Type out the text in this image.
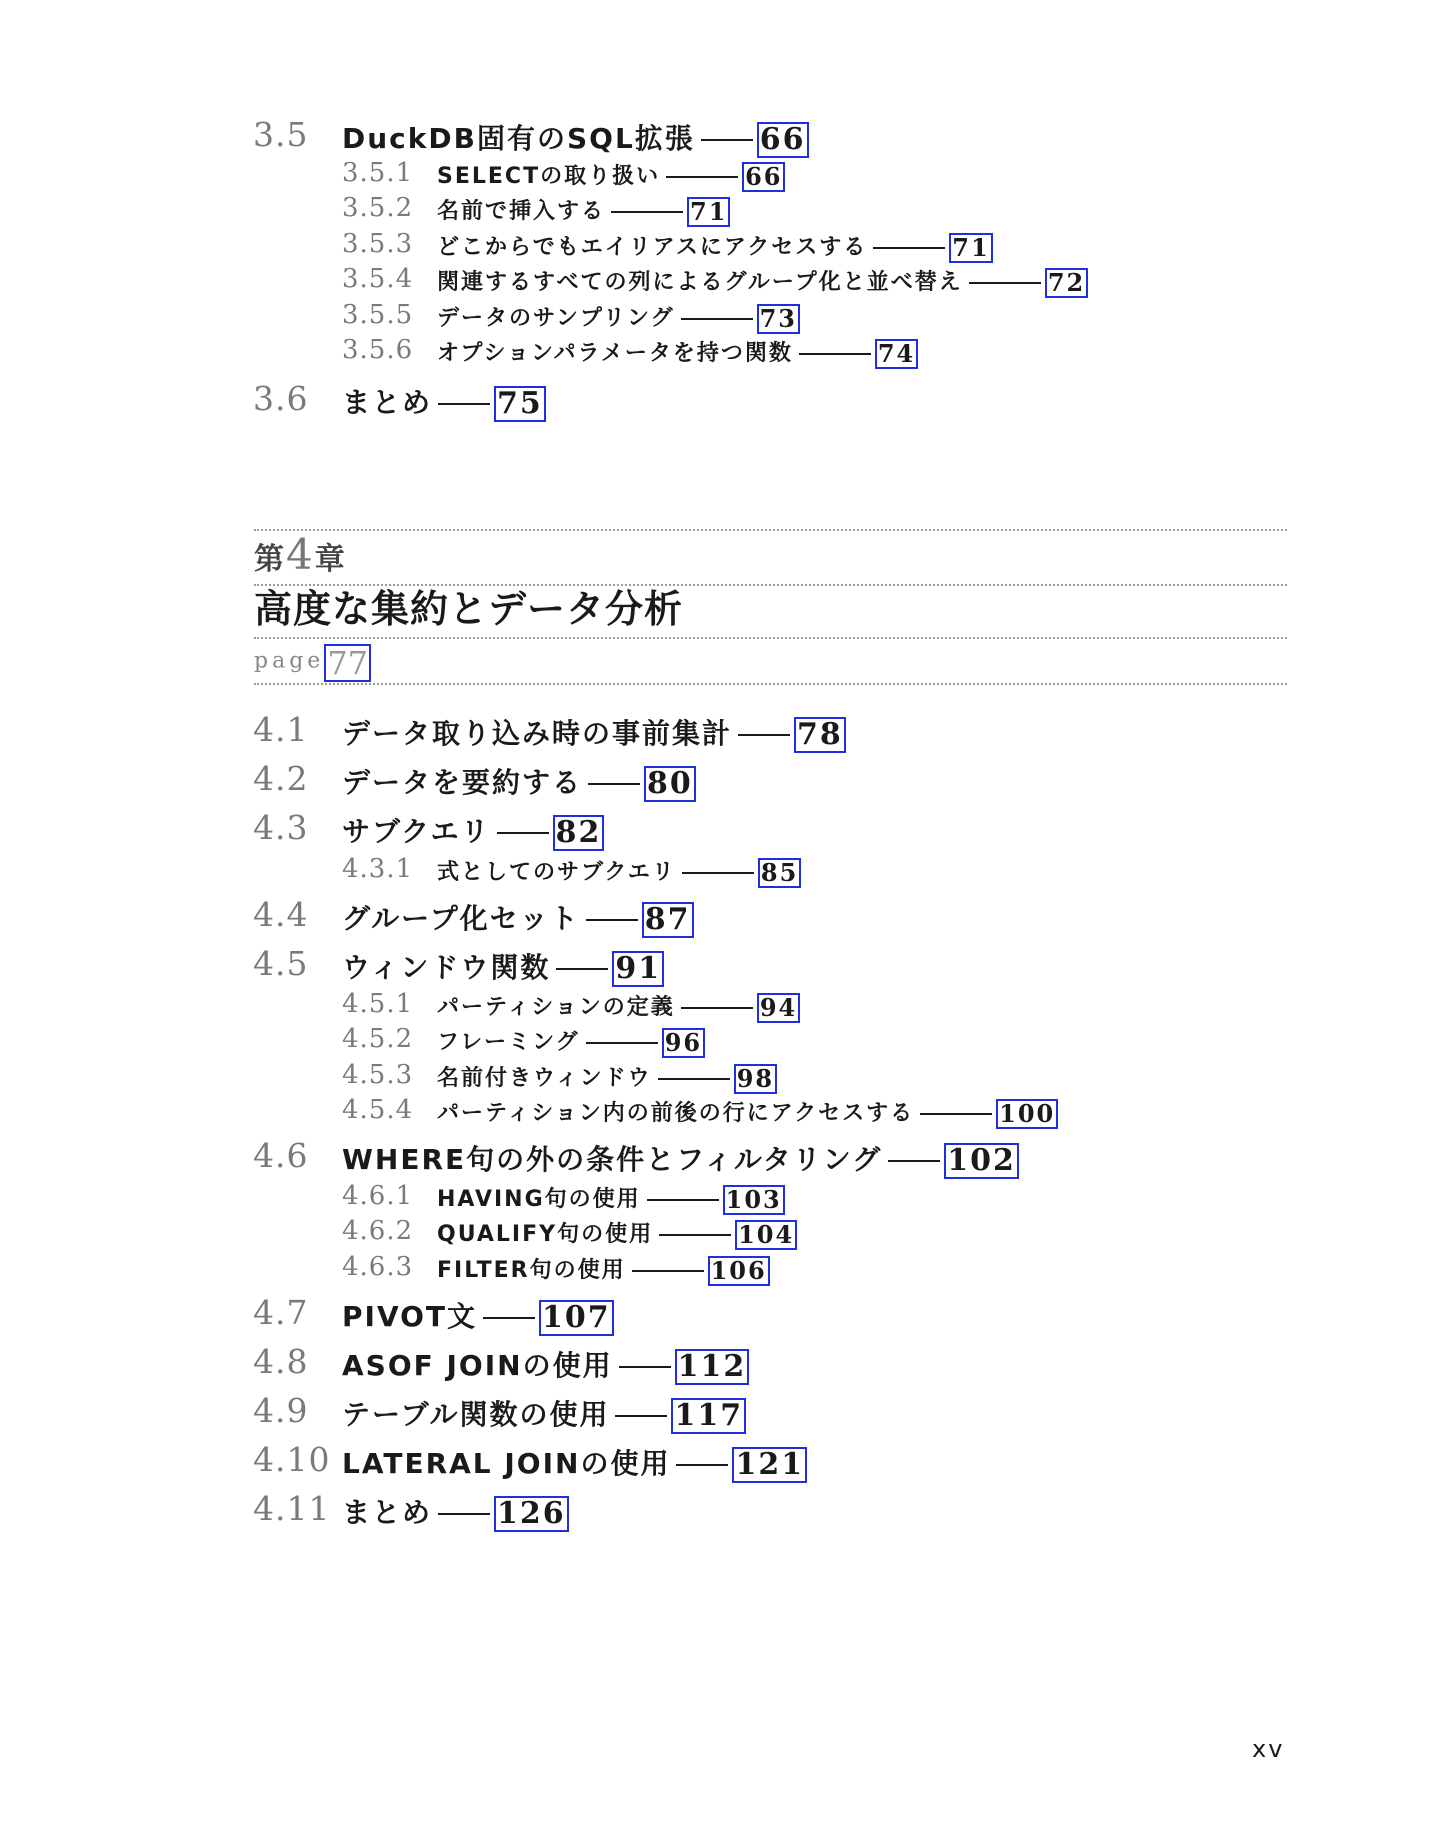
3.5 DuckDB固有のSQL拡張 66
3.5.1 SELECTの取り扱い	66
3.5.2 名前で挿入する	71
3.5.3 どこからでもエイリアスにアクセスする	71
3.5.4 関連するすべての列によるグループ化と並べ替え	72
3.5.5 データのサンプリング	73
3.5.6 オプションパラメータを持つ関数	74
3.6 まとめ 75
第4章
高度な集約とデータ分析
page77
4.1 データ取り込み時の事前集計 78
4.2 データを要約する 80
4.3 サブクエリ 82
4.3.1 式としてのサブクエリ	85
4.4 グループ化セット 87
4.5 ウィンドウ関数 91
4.5.1 パーティションの定義	94
4.5.2 フレーミング	96
4.5.3 名前付きウィンドウ	98
4.5.4 パーティション内の前後の行にアクセスする	100
4.6 WHERE句の外の条件とフィルタリング 102
4.6.1 HAVING句の使用	103
4.6.2 QUALIFY句の使用	104
4.6.3 FILTER句の使用	106
4.7 PIVOT文 107
4.8 ASOF JOINの使用 112
4.9 テーブル関数の使用 117
4.10 LATERAL JOINの使用 121
4.11 まとめ 126
xv
